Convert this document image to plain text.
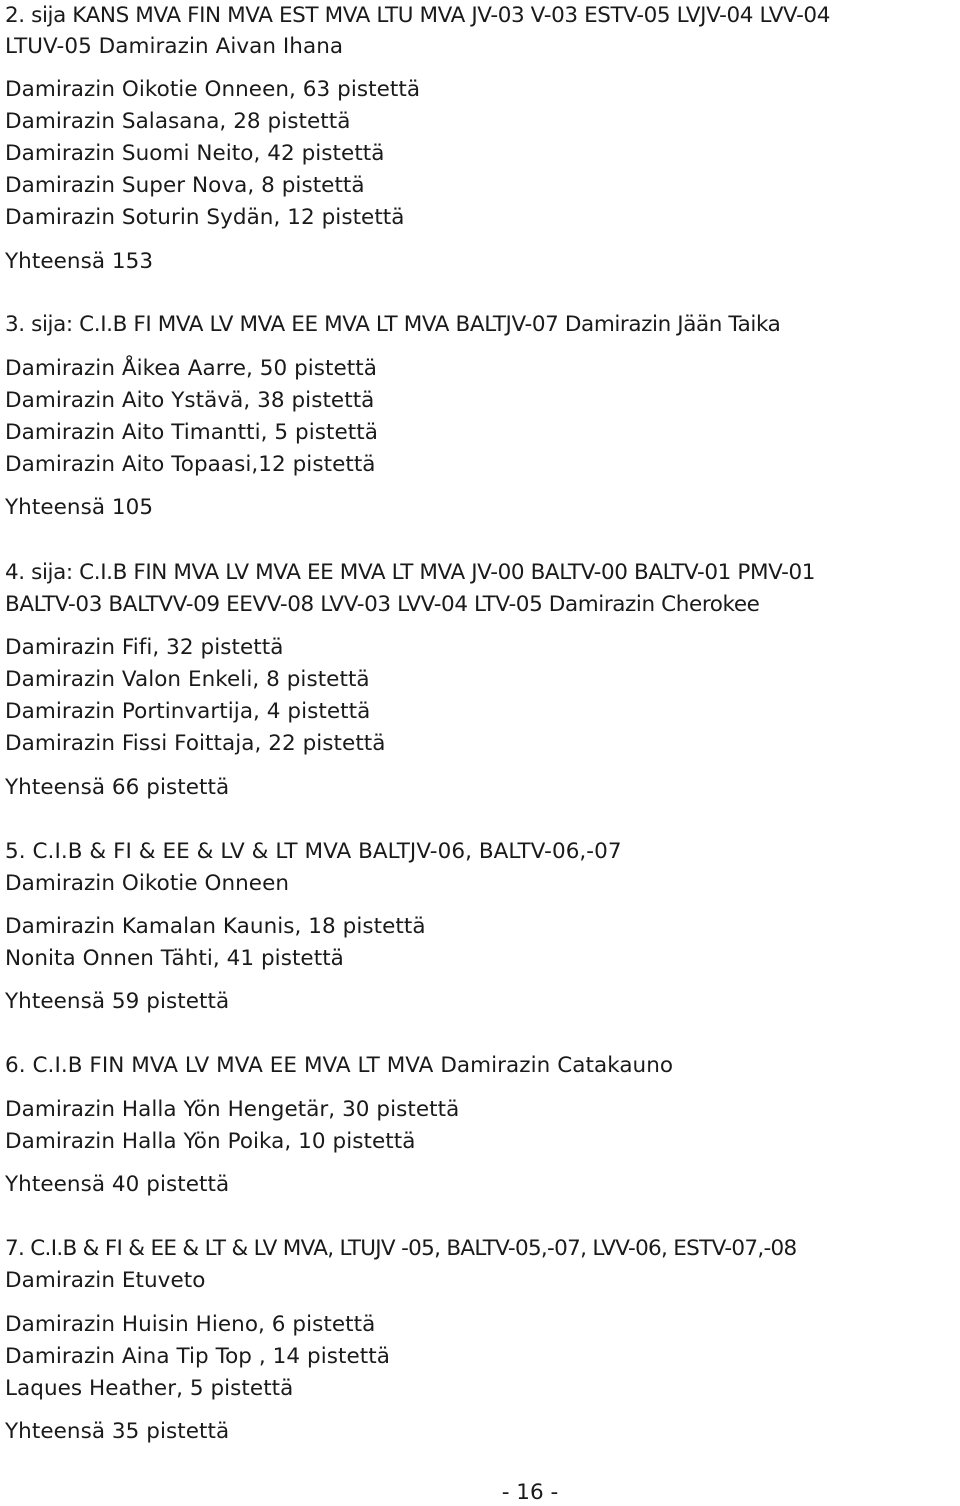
2. sija KANS MVA FIN MVA EST MVA LTU MVA JV-03 V-03 ESTV-05 LVJV-04 LVV-04
LTUV-05 Damirazin Aivan Ihana
Damirazin Oikotie Onneen, 63 pistettä
Damirazin Salasana, 28 pistettä
Damirazin Suomi Neito, 42 pistettä
Damirazin Super Nova, 8 pistettä
Damirazin Soturin Sydän, 12 pistettä
Yhteensä 153
3. sija: C.I.B FI MVA LV MVA EE MVA LT MVA BALTJV-07 Damirazin Jään Taika
Damirazin Åikea Aarre, 50 pistettä
Damirazin Aito Ystävä, 38 pistettä
Damirazin Aito Timantti, 5 pistettä
Damirazin Aito Topaasi,12 pistettä
Yhteensä 105
4. sija: C.I.B FIN MVA LV MVA EE MVA LT MVA JV-00 BALTV-00 BALTV-01 PMV-01
BALTV-03 BALTVV-09 EEVV-08 LVV-03 LVV-04 LTV-05 Damirazin Cherokee
Damirazin Fifi, 32 pistettä
Damirazin Valon Enkeli, 8 pistettä
Damirazin Portinvartija, 4 pistettä
Damirazin Fissi Foittaja, 22 pistettä
Yhteensä 66 pistettä
5. C.I.B & FI & EE & LV & LT MVA BALTJV-06, BALTV-06,-07
Damirazin Oikotie Onneen
Damirazin Kamalan Kaunis, 18 pistettä
Nonita Onnen Tähti, 41 pistettä
Yhteensä 59 pistettä
6. C.I.B FIN MVA LV MVA EE MVA LT MVA Damirazin Catakauno
Damirazin Halla Yön Hengetär, 30 pistettä
Damirazin Halla Yön Poika, 10 pistettä
Yhteensä 40 pistettä
7. C.I.B & FI & EE & LT & LV MVA, LTUJV -05, BALTV-05,-07, LVV-06, ESTV-07,-08
Damirazin Etuveto
Damirazin Huisin Hieno, 6 pistettä
Damirazin Aina Tip Top , 14 pistettä
Laques Heather, 5 pistettä
Yhteensä 35 pistettä
- 16 -
